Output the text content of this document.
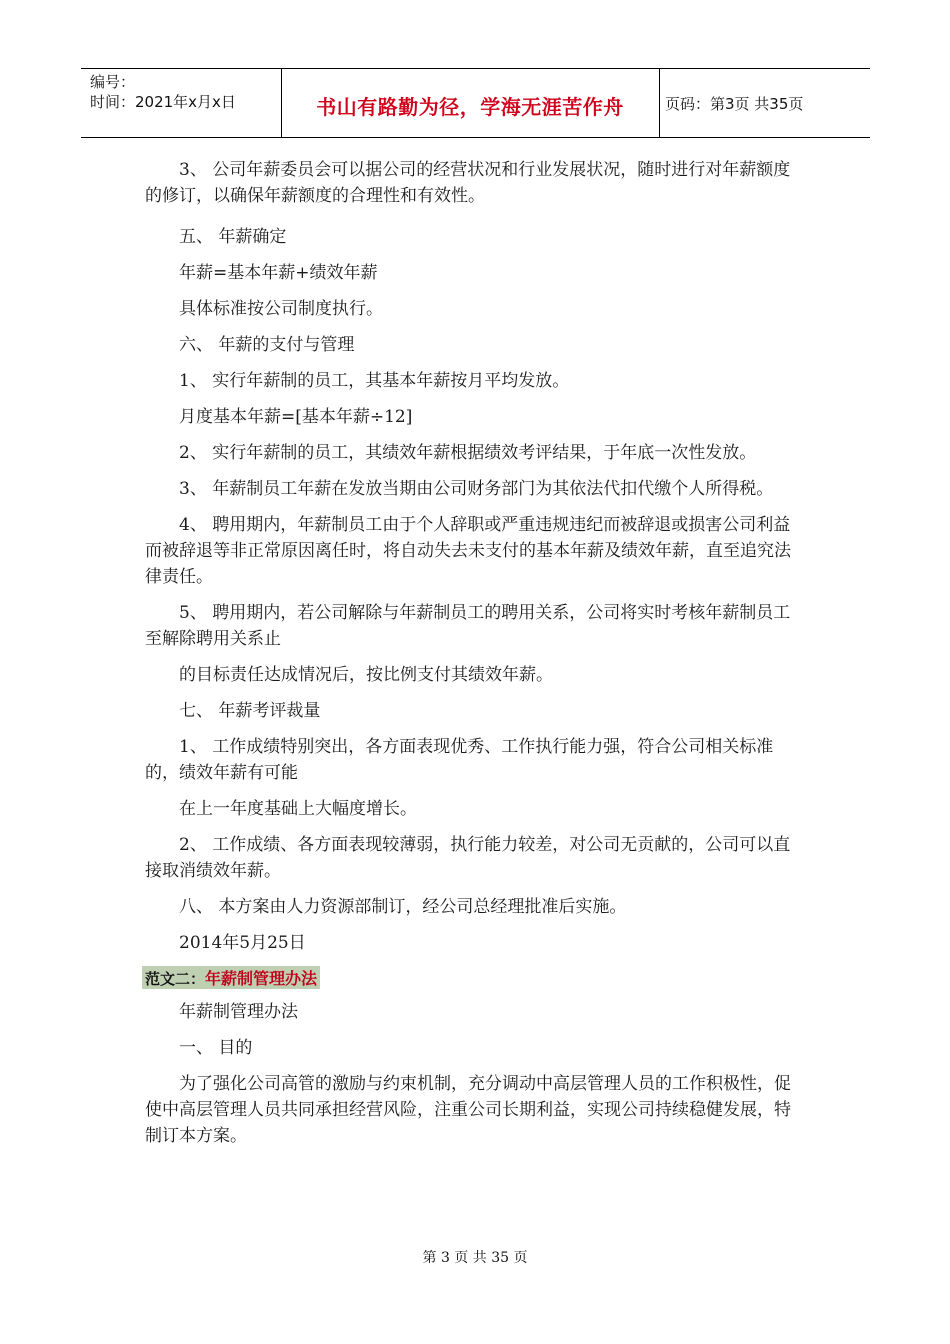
编号：
时间：2021年x月x日	书山有路勤为径，学海无涯苦作舟	页码：第3页 共35页

3、 公司年薪委员会可以据公司的经营状况和行业发展状况，随时进行对年薪额度的修订，以确保年薪额度的合理性和有效性。

五、 年薪确定

年薪=基本年薪+绩效年薪

具体标准按公司制度执行。

六、 年薪的支付与管理

1、 实行年薪制的员工，其基本年薪按月平均发放。

月度基本年薪=[基本年薪÷12]

2、 实行年薪制的员工，其绩效年薪根据绩效考评结果，于年底一次性发放。

3、 年薪制员工年薪在发放当期由公司财务部门为其依法代扣代缴个人所得税。

4、 聘用期内，年薪制员工由于个人辞职或严重违规违纪而被辞退或损害公司利益而被辞退等非正常原因离任时，将自动失去未支付的基本年薪及绩效年薪，直至追究法律责任。

5、 聘用期内，若公司解除与年薪制员工的聘用关系，公司将实时考核年薪制员工至解除聘用关系止

的目标责任达成情况后，按比例支付其绩效年薪。

七、 年薪考评裁量

1、 工作成绩特别突出，各方面表现优秀、工作执行能力强，符合公司相关标准的，绩效年薪有可能

在上一年度基础上大幅度增长。

2、 工作成绩、各方面表现较薄弱，执行能力较差，对公司无贡献的，公司可以直接取消绩效年薪。

八、 本方案由人力资源部制订，经公司总经理批准后实施。

2014年5月25日

范文二：年薪制管理办法

年薪制管理办法

一、 目的

为了强化公司高管的激励与约束机制，充分调动中高层管理人员的工作积极性，促使中高层管理人员共同承担经营风险，注重公司长期利益，实现公司持续稳健发展，特制订本方案。

第 3 页 共 35 页
